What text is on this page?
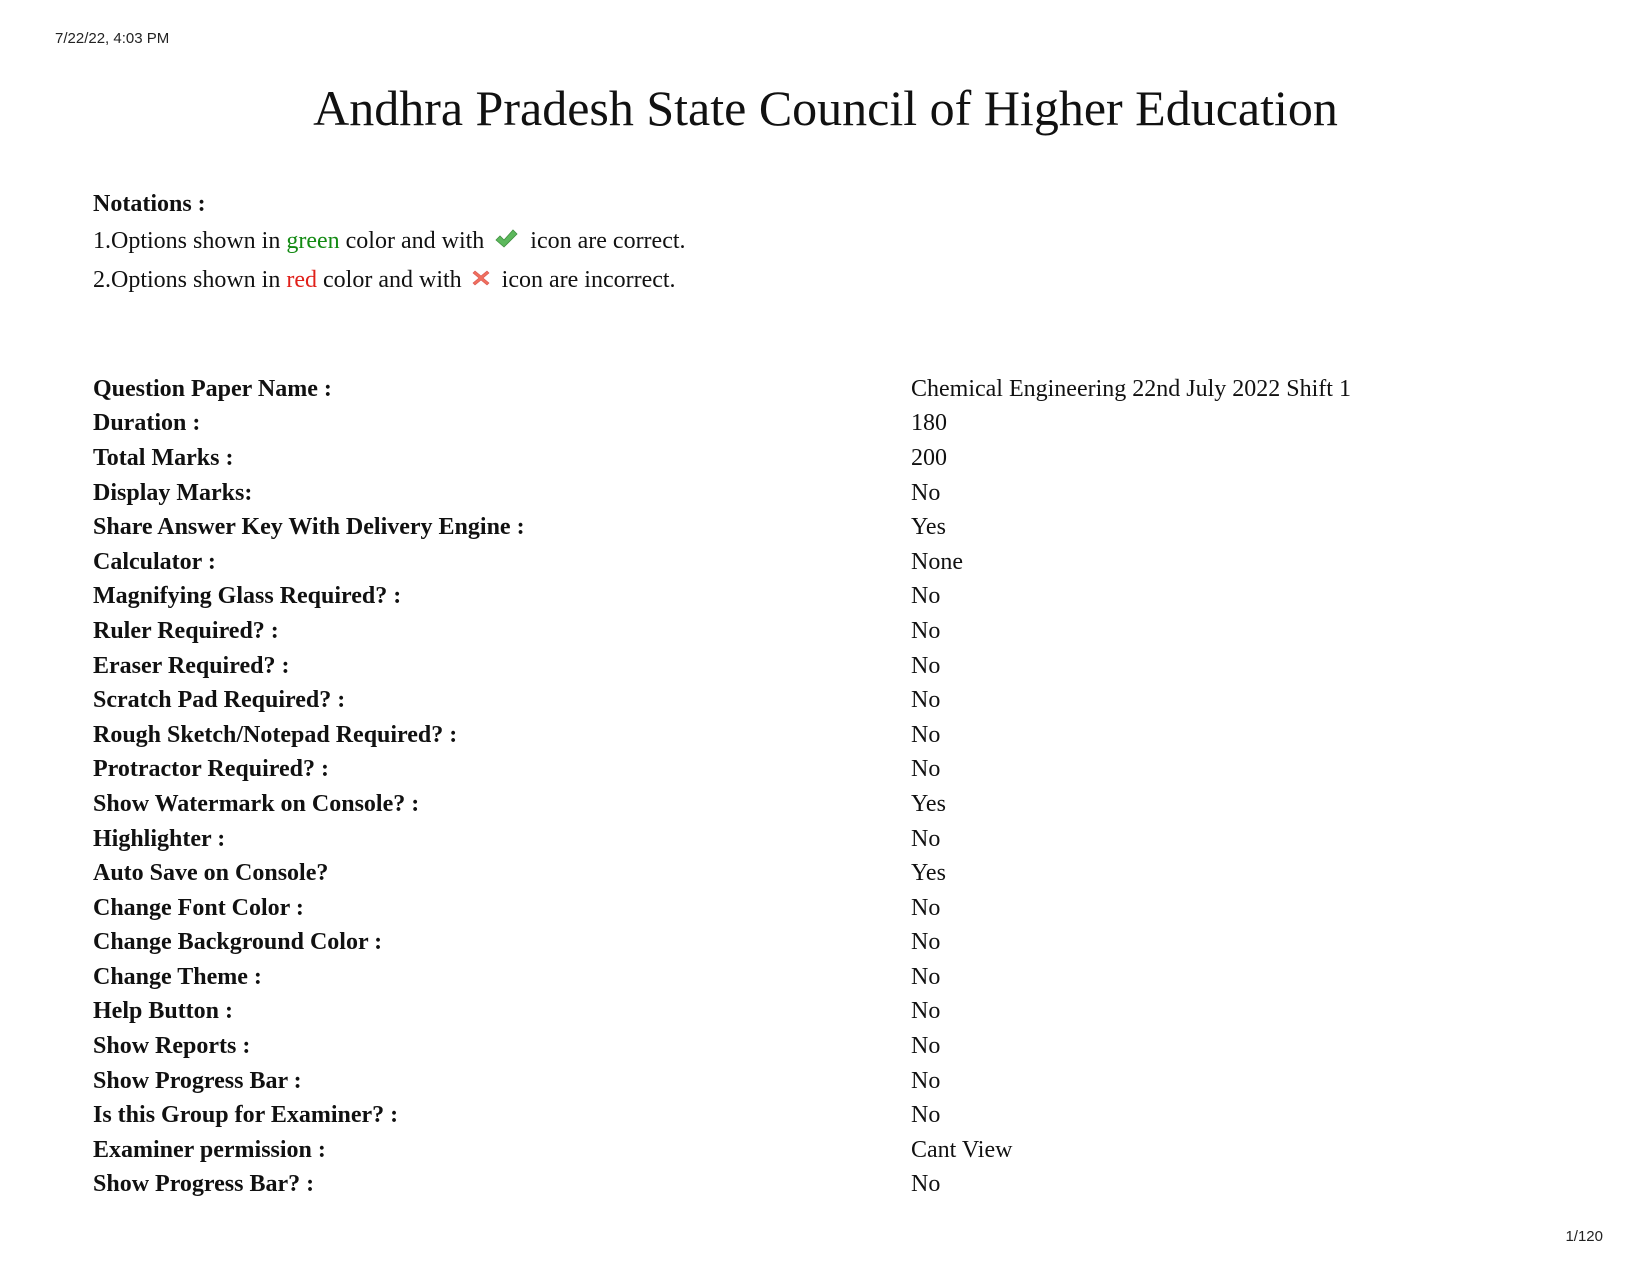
7/22/22, 4:03 PM
Andhra Pradesh State Council of Higher Education
Notations :
1.Options shown in green color and with  icon are correct.
2.Options shown in red color and with  icon are incorrect.
Question Paper Name :	Chemical Engineering 22nd July 2022 Shift 1
Duration :	180
Total Marks :	200
Display Marks:	No
Share Answer Key With Delivery Engine :	Yes
Calculator :	None
Magnifying Glass Required? :	No
Ruler Required? :	No
Eraser Required? :	No
Scratch Pad Required? :	No
Rough Sketch/Notepad Required? :	No
Protractor Required? :	No
Show Watermark on Console? :	Yes
Highlighter :	No
Auto Save on Console?	Yes
Change Font Color :	No
Change Background Color :	No
Change Theme :	No
Help Button :	No
Show Reports :	No
Show Progress Bar :	No
Is this Group for Examiner? :	No
Examiner permission :	Cant View
Show Progress Bar? :	No
1/120
